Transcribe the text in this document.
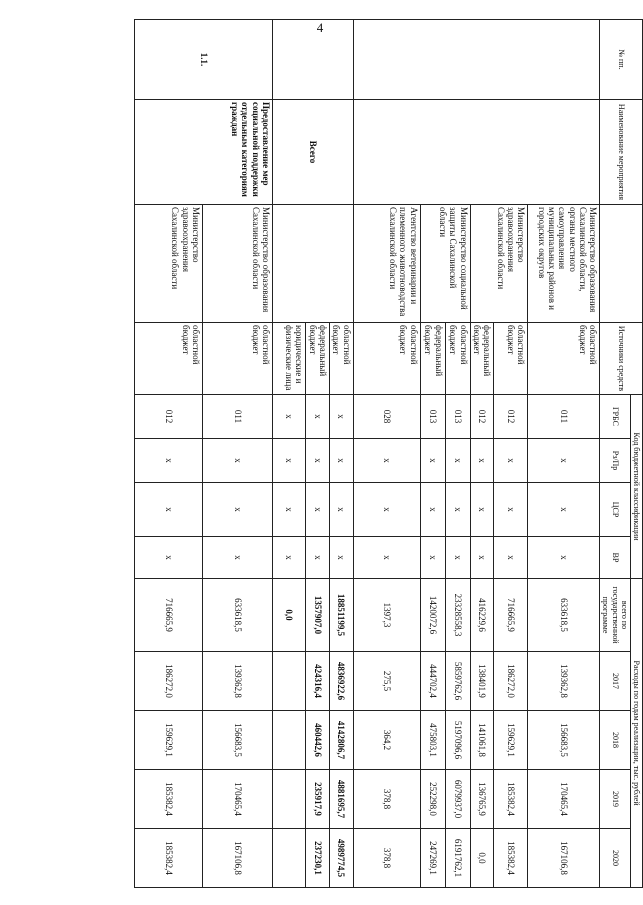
4
№ пп.	Наименование мероприятия		Источники средств	Код бюджетной классификации				Расходы по годам реализации, тыс. рублей				
				ГРБС	Рз/Пр	ЦСР	ВР	всего по государственной программе	2017	2018	2019	2020
		Министерство образования Сахалинской области, органы местного самоуправления муниципальных районов и городских округов	областной бюджет	011	х	х	х	633618,5	139362,8	156683,5	170465,4	167106,8
		Министерство здравоохранения Сахалинской области	областной бюджет	012	х	х	х	716665,9	186272,0	159629,1	185382,4	185382,4
			федеральный бюджет	012	х	х	х	416229,6	138401,9	141061,8	136765,9	0,0
		Министерство социальной защиты Сахалинской области	областной бюджет	013	х	х	х	23328558,3	5859762,6	5197096,6	6079937,0	6191762,1
			федеральный бюджет	013	х	х	х	1420072,6	444702,4	475803,1	252298,0	247269,1
		Агентство ветеринарии и племенного животноводства Сахалинской области	областной бюджет	028	х	х	х	1397,3	275,5	364,2	378,8	378,8
	Всего		областной бюджет	х	х	х	х	18851199,5	4836922,6	4142806,7	4881695,7	4989774,5
			федеральный бюджет	х	х	х	х	1357907,0	424316,4	460442,6	235917,9	237230,1
			юридические и физические лица	х	х	х	х	0,0				
1.1.	Предоставление мер социальной поддержки отдельным категориям граждан	Министерство образования Сахалинской области	областной бюджет	011	х	х	х	633618,5	139362,8	156683,5	170465,4	167106,8
		Министерство здравоохранения Сахалинской области	областной бюджет	012	х	х	х	716665,9	186272,0	159629,1	185382,4	185382,4
